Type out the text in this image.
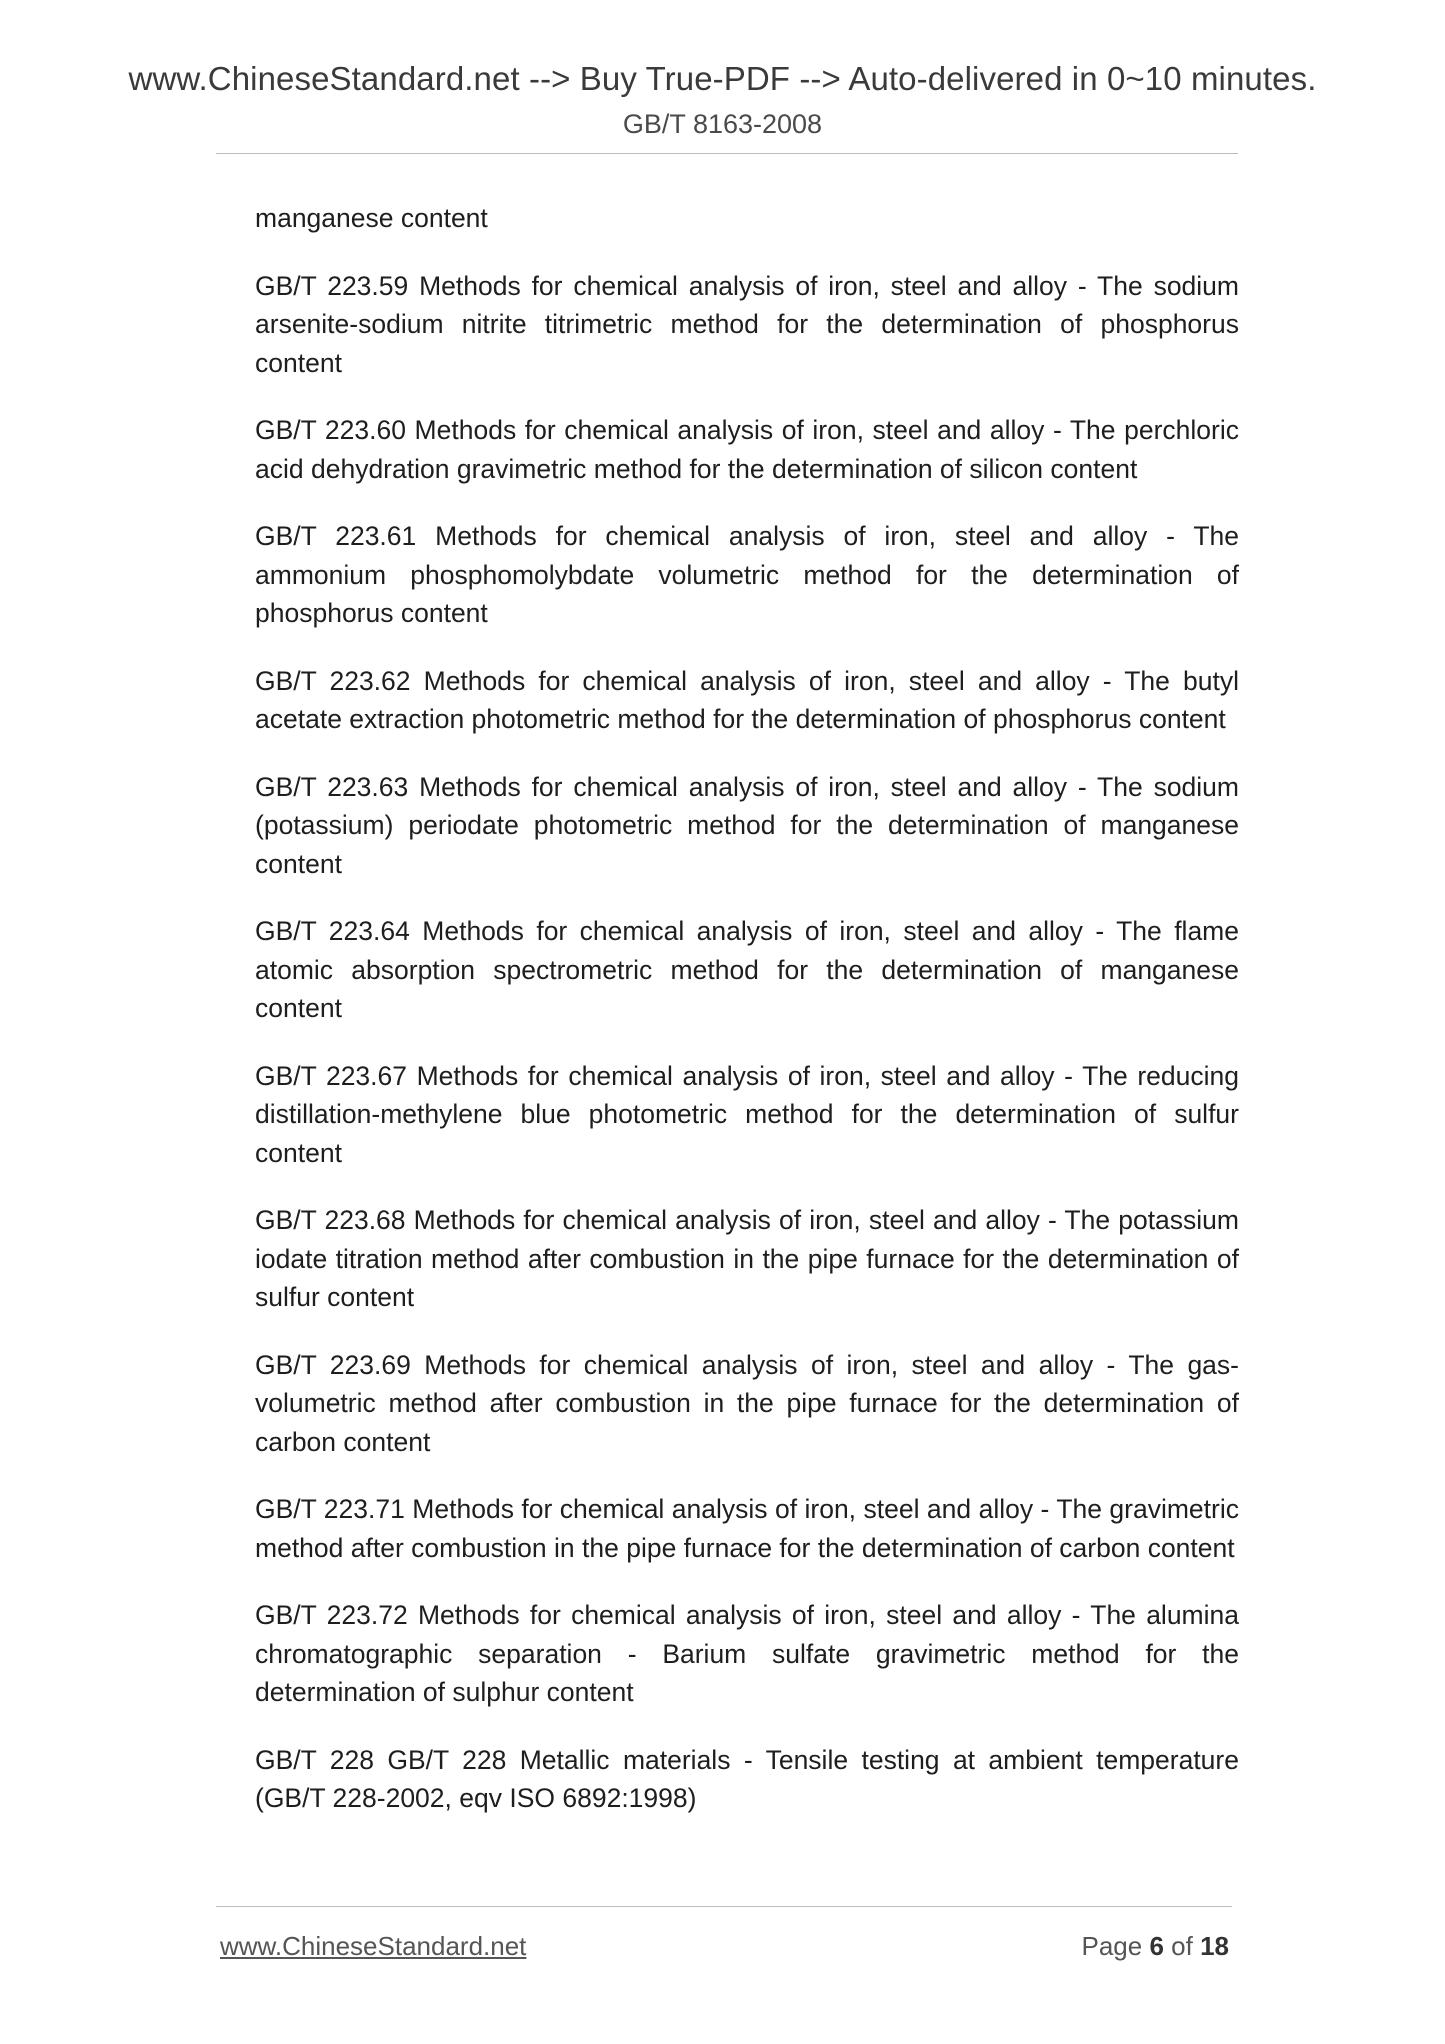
www.ChineseStandard.net --> Buy True-PDF --> Auto-delivered in 0~10 minutes.
GB/T 8163-2008

manganese content

GB/T 223.59 Methods for chemical analysis of iron, steel and alloy - The sodium arsenite-sodium nitrite titrimetric method for the determination of phosphorus content

GB/T 223.60 Methods for chemical analysis of iron, steel and alloy - The perchloric acid dehydration gravimetric method for the determination of silicon content

GB/T 223.61 Methods for chemical analysis of iron, steel and alloy - The ammonium phosphomolybdate volumetric method for the determination of phosphorus content

GB/T 223.62 Methods for chemical analysis of iron, steel and alloy - The butyl acetate extraction photometric method for the determination of phosphorus content

GB/T 223.63 Methods for chemical analysis of iron, steel and alloy - The sodium (potassium) periodate photometric method for the determination of manganese content

GB/T 223.64 Methods for chemical analysis of iron, steel and alloy - The flame atomic absorption spectrometric method for the determination of manganese content

GB/T 223.67 Methods for chemical analysis of iron, steel and alloy - The reducing distillation-methylene blue photometric method for the determination of sulfur content

GB/T 223.68 Methods for chemical analysis of iron, steel and alloy - The potassium iodate titration method after combustion in the pipe furnace for the determination of sulfur content

GB/T 223.69 Methods for chemical analysis of iron, steel and alloy - The gas-volumetric method after combustion in the pipe furnace for the determination of carbon content

GB/T 223.71 Methods for chemical analysis of iron, steel and alloy - The gravimetric method after combustion in the pipe furnace for the determination of carbon content

GB/T 223.72 Methods for chemical analysis of iron, steel and alloy - The alumina chromatographic separation - Barium sulfate gravimetric method for the determination of sulphur content

GB/T 228 GB/T 228 Metallic materials - Tensile testing at ambient temperature (GB/T 228-2002, eqv ISO 6892:1998)

www.ChineseStandard.net	Page 6 of 18
